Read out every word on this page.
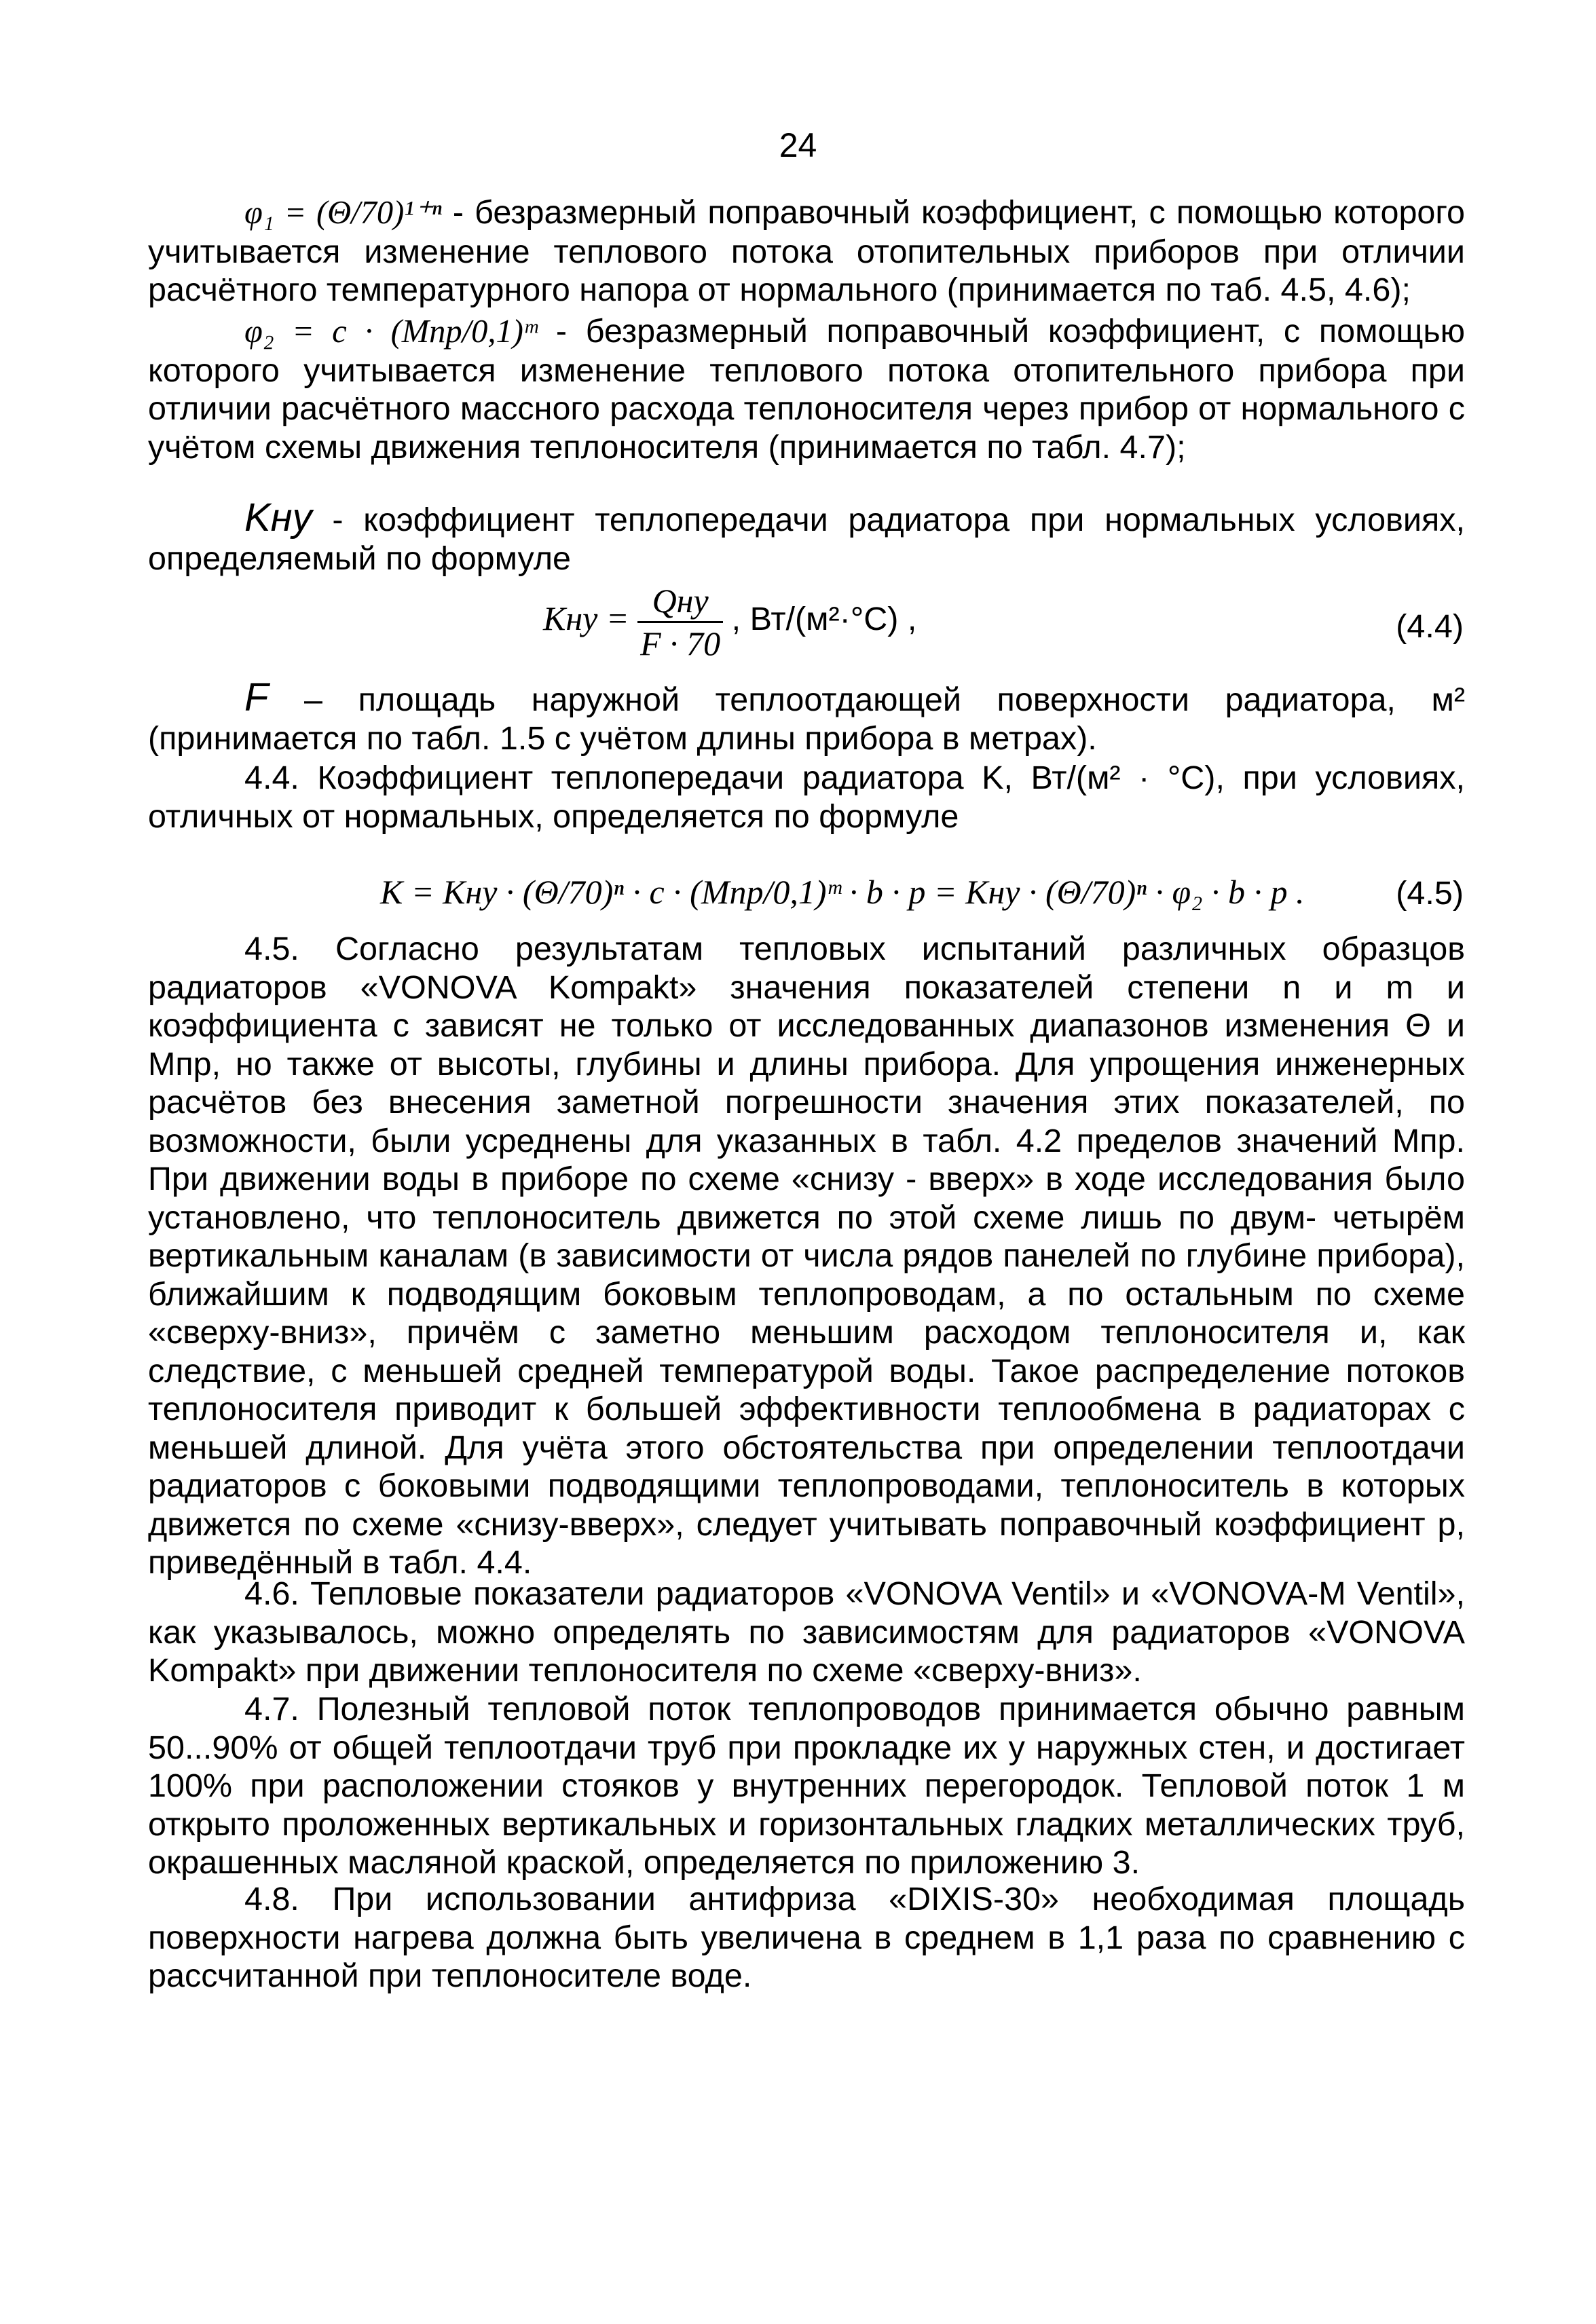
24
φ₁ = (Θ/70)¹⁺ⁿ - безразмерный поправочный коэффициент, с помощью которого учитывается изменение теплового потока отопительных приборов при отличии расчётного температурного напора от нормального (принимается по таб. 4.5, 4.6);
φ₂ = c · (Mпр/0,1)ᵐ - безразмерный поправочный коэффициент, с помощью которого учитывается изменение теплового потока отопительного прибора при отличии расчётного массного расхода теплоносителя через прибор от нормального с учётом схемы движения теплоносителя (принимается по табл. 4.7);
Kну - коэффициент теплопередачи радиатора при нормальных условиях, определяемый по формуле
Kну = $\frac{\text{Qну}}{F \cdot 70}$ , Вт/(м²·°С) ,	(4.4)
F – площадь наружной теплоотдающей поверхности радиатора, м² (принимается по табл. 1.5 с учётом длины прибора в метрах).
4.4. Коэффициент теплопередачи радиатора K, Вт/(м² · °С), при условиях, отличных от нормальных, определяется по формуле
K = Kну · (Θ/70)ⁿ · c · (Mпр/0,1)ᵐ · b · p = Kну · (Θ/70)ⁿ · φ₂ · b · p .	(4.5)
4.5. Согласно результатам тепловых испытаний различных образцов радиаторов «VONOVA Kompakt» значения показателей степени n и m и коэффициента c зависят не только от исследованных диапазонов изменения Θ и Mпр, но также от высоты, глубины и длины прибора. Для упрощения инженерных расчётов без внесения заметной погрешности значения этих показателей, по возможности, были усреднены для указанных в табл. 4.2 пределов значений Mпр. При движении воды в приборе по схеме «снизу - вверх» в ходе исследования было установлено, что теплоноситель движется по этой схеме лишь по двум- четырём вертикальным каналам (в зависимости от числа рядов панелей по глубине прибора), ближайшим к подводящим боковым теплопроводам, а по остальным по схеме «сверху-вниз», причём с заметно меньшим расходом теплоносителя и, как следствие, с меньшей средней температурой воды. Такое распределение потоков теплоносителя приводит к большей эффективности теплообмена в радиаторах с меньшей длиной. Для учёта этого обстоятельства при определении теплоотдачи радиаторов с боковыми подводящими теплопроводами, теплоноситель в которых движется по схеме «снизу-вверх», следует учитывать поправочный коэффициент p, приведённый в табл. 4.4.
4.6. Тепловые показатели радиаторов «VONOVA Ventil» и «VONOVA-M Ventil», как указывалось, можно определять по зависимостям для радиаторов «VONOVA Kompakt» при движении теплоносителя по схеме «сверху-вниз».
4.7. Полезный тепловой поток теплопроводов принимается обычно равным 50...90% от общей теплоотдачи труб при прокладке их у наружных стен, и достигает 100% при расположении стояков у внутренних перегородок. Тепловой поток 1 м открыто проложенных вертикальных и горизонтальных гладких металлических труб, окрашенных масляной краской, определяется по приложению 3.
4.8. При использовании антифриза «DIXIS-30» необходимая площадь поверхности нагрева должна быть увеличена в среднем в 1,1 раза по сравнению с рассчитанной при теплоносителе воде.
